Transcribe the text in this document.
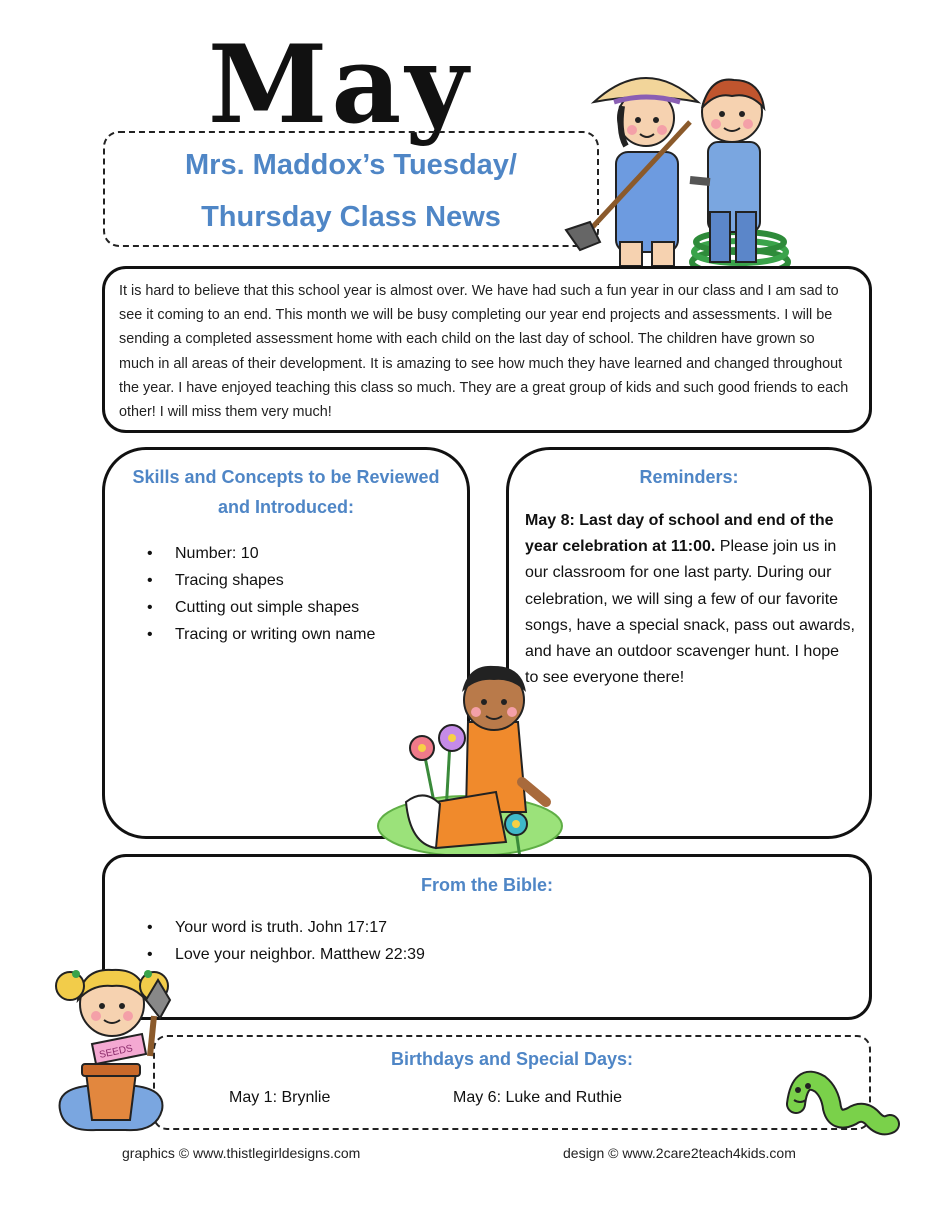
May
Mrs. Maddox’s Tuesday/
Thursday Class News

It is hard to believe that this school year is almost over. We have had such a fun year in our class and I am sad to see it coming to an end. This month we will be busy completing our year end projects and assessments. I will be sending a completed assessment home with each child on the last day of school. The children have grown so much in all areas of their development. It is amazing to see how much they have learned and changed throughout the year. I have enjoyed teaching this class so much. They are a great group of kids and such good friends to each other! I will miss them very much!

Skills and Concepts to be Reviewed
and Introduced:
• Number: 10
• Tracing shapes
• Cutting out simple shapes
• Tracing or writing own name
Reminders:
May 8: Last day of school and end of the year celebration at 11:00. Please join us in our classroom for one last party. During our celebration, we will sing a few of our favorite songs, have a special snack, pass out awards, and have an outdoor scavenger hunt. I hope to see everyone there!
From the Bible:
• Your word is truth. John 17:17
• Love your neighbor. Matthew 22:39
Birthdays and Special Days:
May 1: Brynlie	May 6: Luke and Ruthie
SEEDS
graphics © www.thistlegirldesigns.com	design © www.2care2teach4kids.com
